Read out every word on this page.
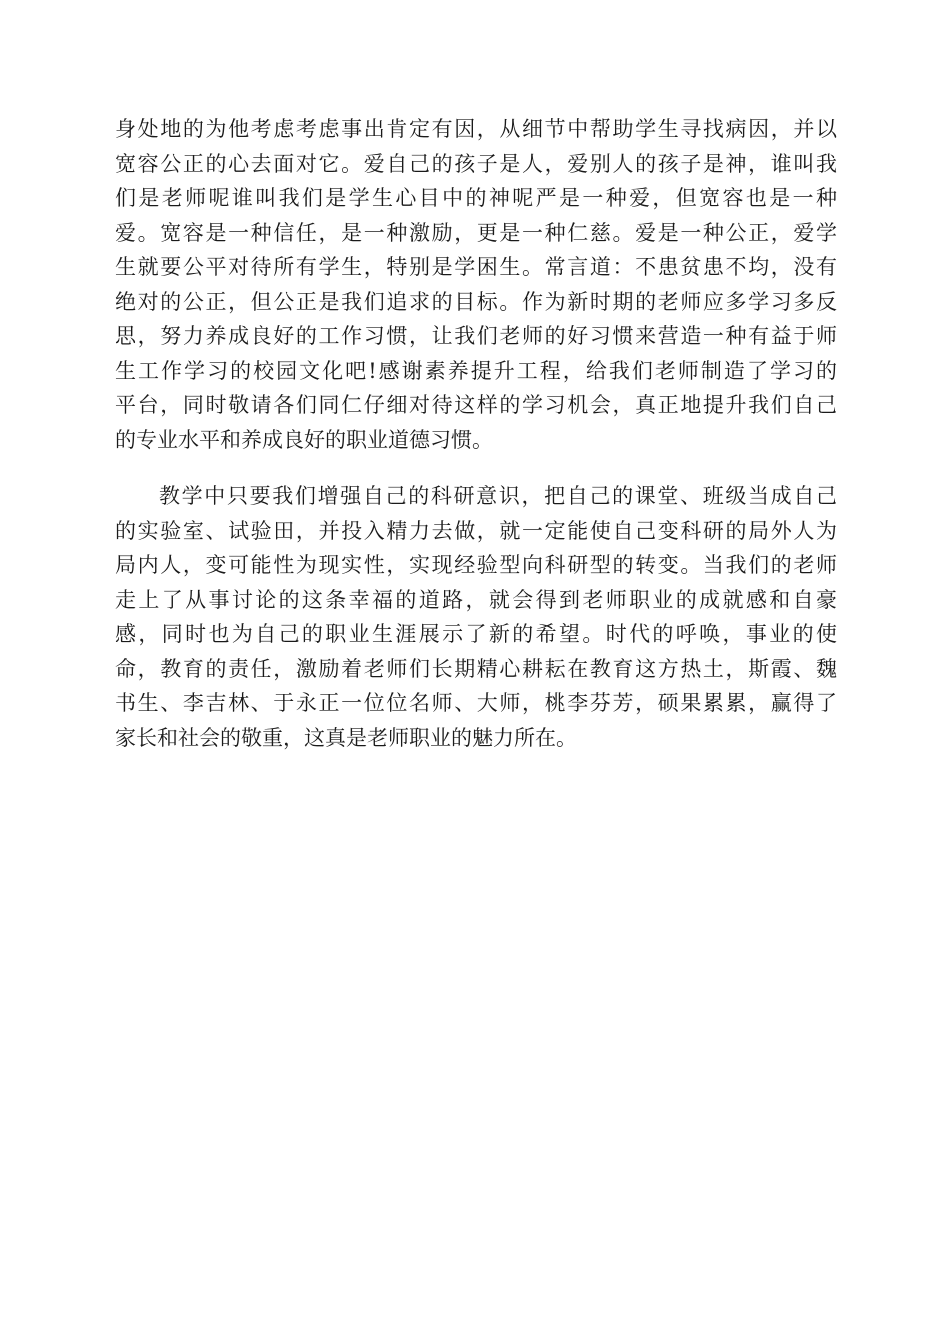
身处地的为他考虑考虑事出肯定有因，从细节中帮助学生寻找病因，并以
宽容公正的心去面对它。爱自己的孩子是人，爱别人的孩子是神，谁叫我
们是老师呢谁叫我们是学生心目中的神呢严是一种爱，但宽容也是一种
爱。宽容是一种信任，是一种激励，更是一种仁慈。爱是一种公正，爱学
生就要公平对待所有学生，特别是学困生。常言道：不患贫患不均，没有
绝对的公正，但公正是我们追求的目标。作为新时期的老师应多学习多反
思，努力养成良好的工作习惯，让我们老师的好习惯来营造一种有益于师
生工作学习的校园文化吧!感谢素养提升工程，给我们老师制造了学习的
平台，同时敬请各们同仁仔细对待这样的学习机会，真正地提升我们自己
的专业水平和养成良好的职业道德习惯。
教学中只要我们增强自己的科研意识，把自己的课堂、班级当成自己
的实验室、试验田，并投入精力去做，就一定能使自己变科研的局外人为
局内人，变可能性为现实性，实现经验型向科研型的转变。当我们的老师
走上了从事讨论的这条幸福的道路，就会得到老师职业的成就感和自豪
感，同时也为自己的职业生涯展示了新的希望。时代的呼唤，事业的使
命，教育的责任，激励着老师们长期精心耕耘在教育这方热土，斯霞、魏
书生、李吉林、于永正一位位名师、大师，桃李芬芳，硕果累累，赢得了
家长和社会的敬重，这真是老师职业的魅力所在。
